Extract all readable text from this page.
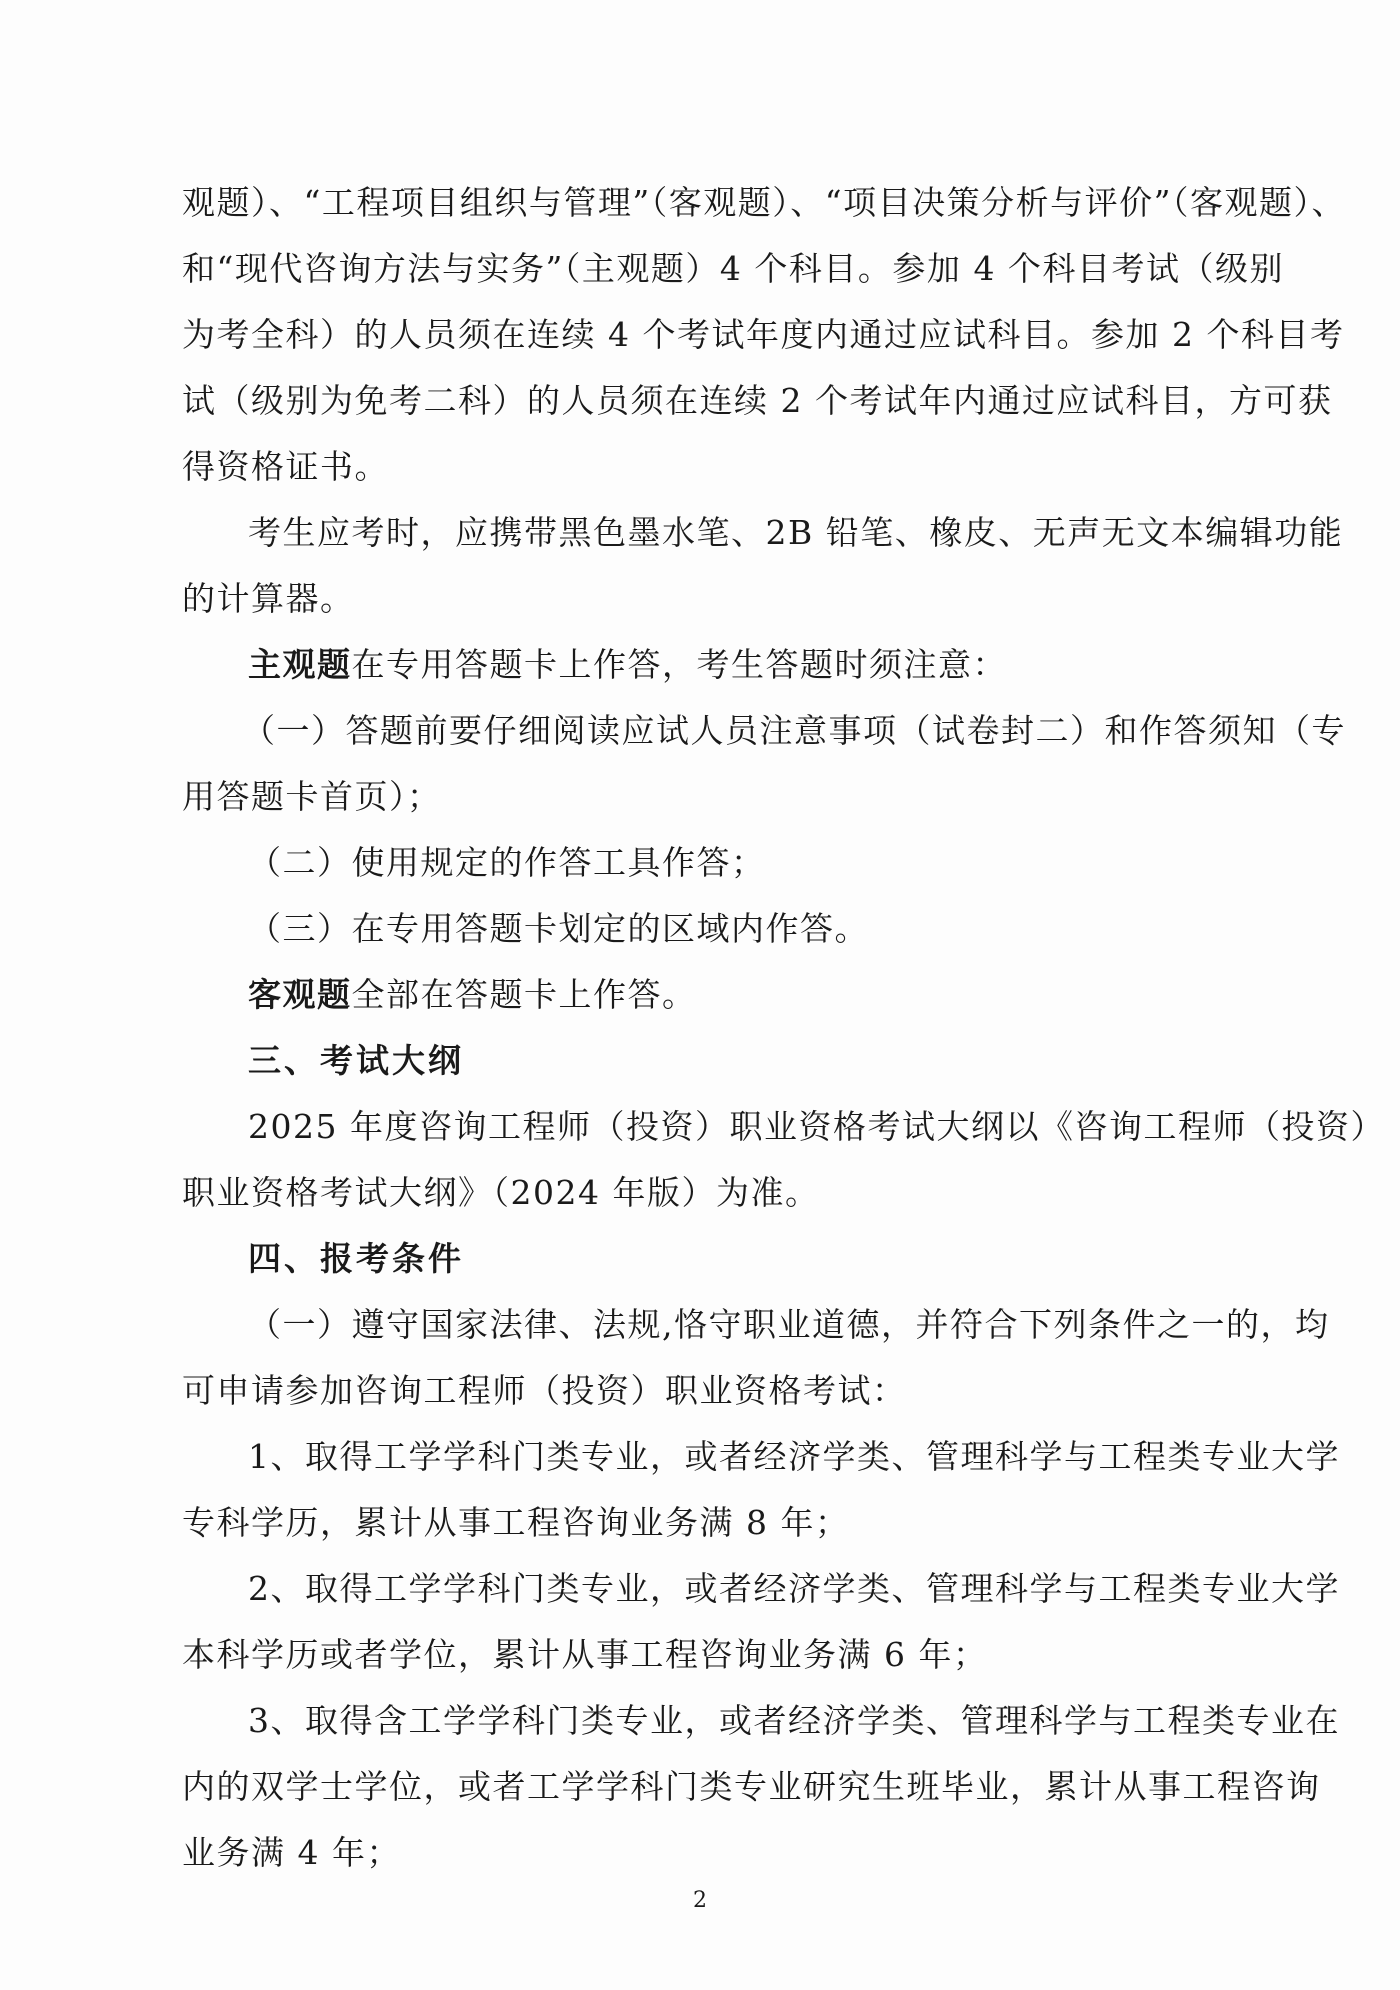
观题）、“工程项目组织与管理”（客观题）、“项目决策分析与评价”（客观题）、
和“现代咨询方法与实务”（主观题）4 个科目。参加 4 个科目考试（级别
为考全科）的人员须在连续 4 个考试年度内通过应试科目。参加 2 个科目考
试（级别为免考二科）的人员须在连续 2 个考试年内通过应试科目，方可获
得资格证书。
考生应考时，应携带黑色墨水笔、2B 铅笔、橡皮、无声无文本编辑功能
的计算器。
主观题在专用答题卡上作答，考生答题时须注意：
（一）答题前要仔细阅读应试人员注意事项（试卷封二）和作答须知（专
用答题卡首页）；
（二）使用规定的作答工具作答；
（三）在专用答题卡划定的区域内作答。
客观题全部在答题卡上作答。
三、考试大纲
2025 年度咨询工程师（投资）职业资格考试大纲以《咨询工程师（投资）
职业资格考试大纲》（2024 年版）为准。
四、报考条件
（一）遵守国家法律、法规,恪守职业道德，并符合下列条件之一的，均
可申请参加咨询工程师（投资）职业资格考试：
1、取得工学学科门类专业，或者经济学类、管理科学与工程类专业大学
专科学历，累计从事工程咨询业务满 8 年；
2、取得工学学科门类专业，或者经济学类、管理科学与工程类专业大学
本科学历或者学位，累计从事工程咨询业务满 6 年；
3、取得含工学学科门类专业，或者经济学类、管理科学与工程类专业在
内的双学士学位，或者工学学科门类专业研究生班毕业，累计从事工程咨询
业务满 4 年；
2
